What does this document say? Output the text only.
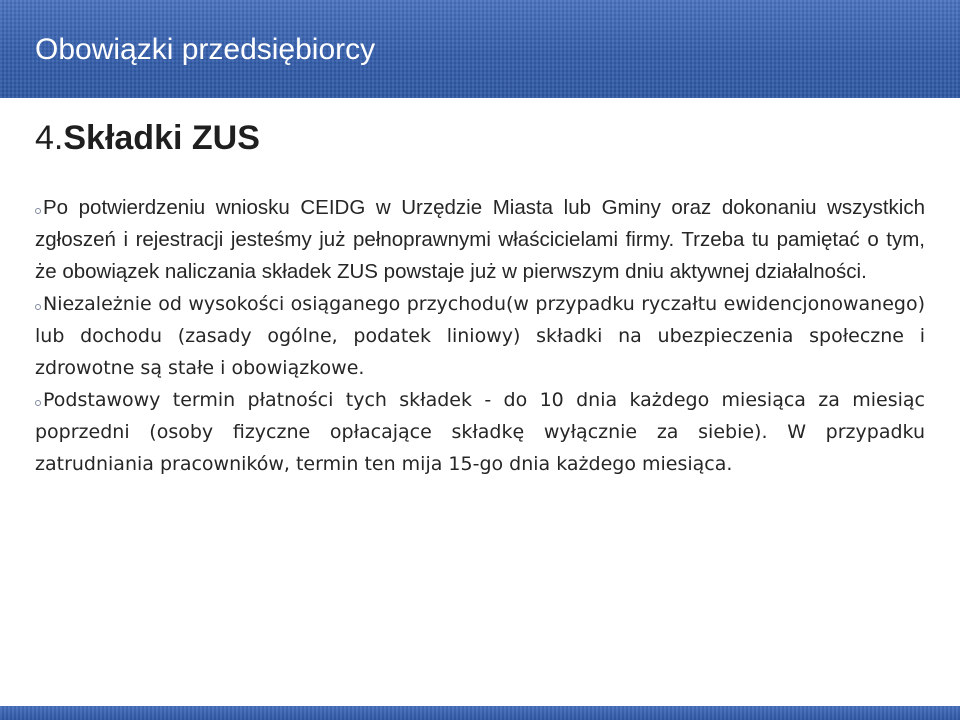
Obowiązki przedsiębiorcy
4.Składki ZUS

Po potwierdzeniu wniosku CEIDG w Urzędzie Miasta lub Gminy oraz dokonaniu wszystkich zgłoszeń i rejestracji jesteśmy już pełnoprawnymi właścicielami firmy. Trzeba tu pamiętać o tym, że obowiązek naliczania składek ZUS powstaje już w pierwszym dniu aktywnej działalności.

Niezależnie od wysokości osiąganego przychodu(w przypadku ryczałtu ewidencjonowanego) lub dochodu (zasady ogólne, podatek liniowy) składki na ubezpieczenia społeczne i zdrowotne są stałe i obowiązkowe.

Podstawowy termin płatności tych składek - do 10 dnia każdego miesiąca za miesiąc poprzedni (osoby fizyczne opłacające składkę wyłącznie za siebie). W przypadku zatrudniania pracowników, termin ten mija 15-go dnia każdego miesiąca.
